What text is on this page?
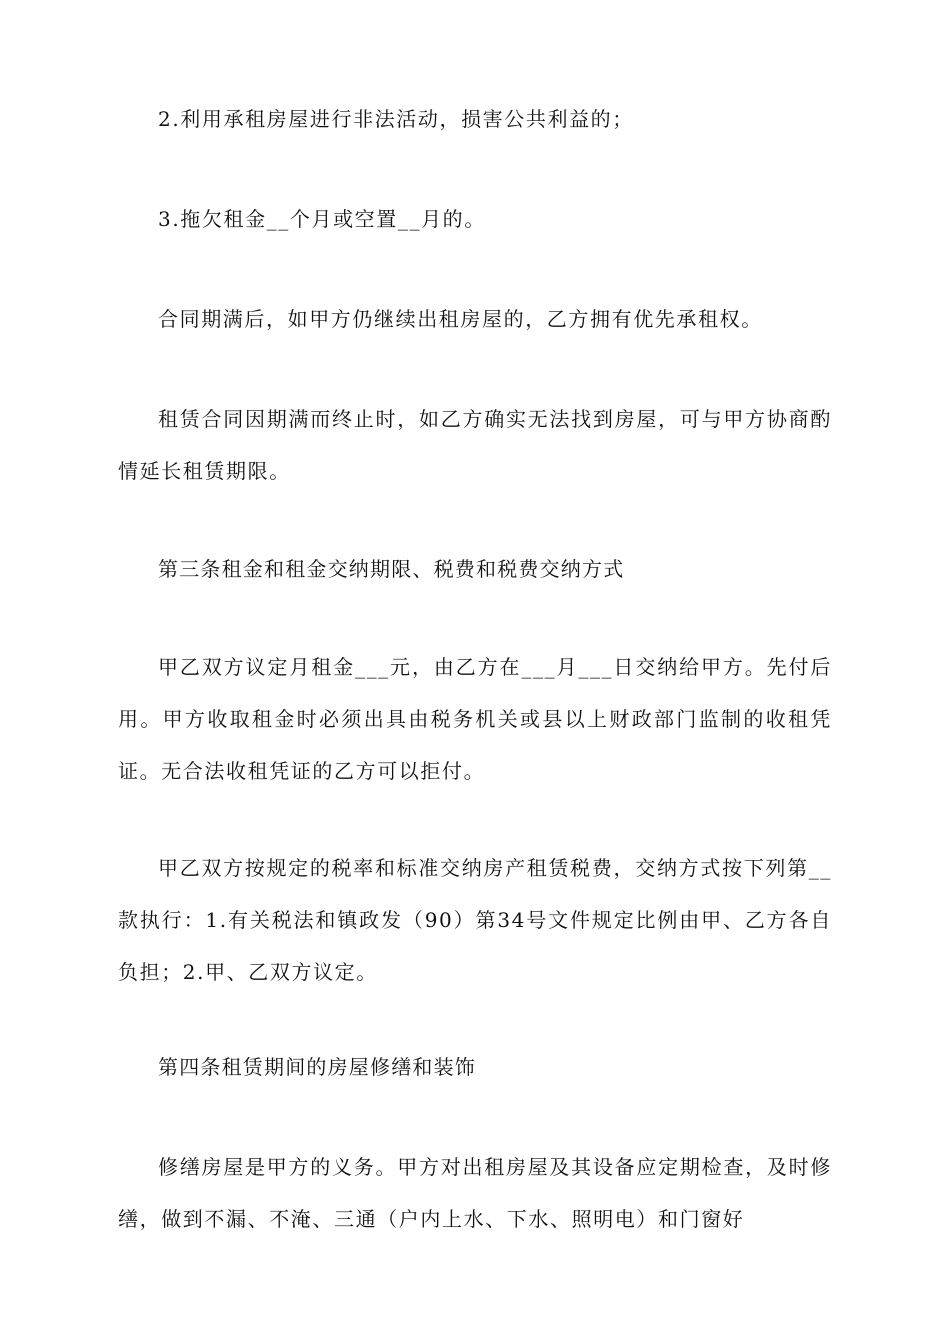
2.利用承租房屋进行非法活动，损害公共利益的；

3.拖欠租金__个月或空置__月的。

合同期满后，如甲方仍继续出租房屋的，乙方拥有优先承租权。

租赁合同因期满而终止时，如乙方确实无法找到房屋，可与甲方协商酌情延长租赁期限。

第三条租金和租金交纳期限、税费和税费交纳方式

甲乙双方议定月租金___元，由乙方在___月___日交纳给甲方。先付后用。甲方收取租金时必须出具由税务机关或县以上财政部门监制的收租凭证。无合法收租凭证的乙方可以拒付。

甲乙双方按规定的税率和标准交纳房产租赁税费，交纳方式按下列第__款执行：1.有关税法和镇政发（90）第34号文件规定比例由甲、乙方各自负担；2.甲、乙双方议定。

第四条租赁期间的房屋修缮和装饰

修缮房屋是甲方的义务。甲方对出租房屋及其设备应定期检查，及时修缮，做到不漏、不淹、三通（户内上水、下水、照明电）和门窗好
